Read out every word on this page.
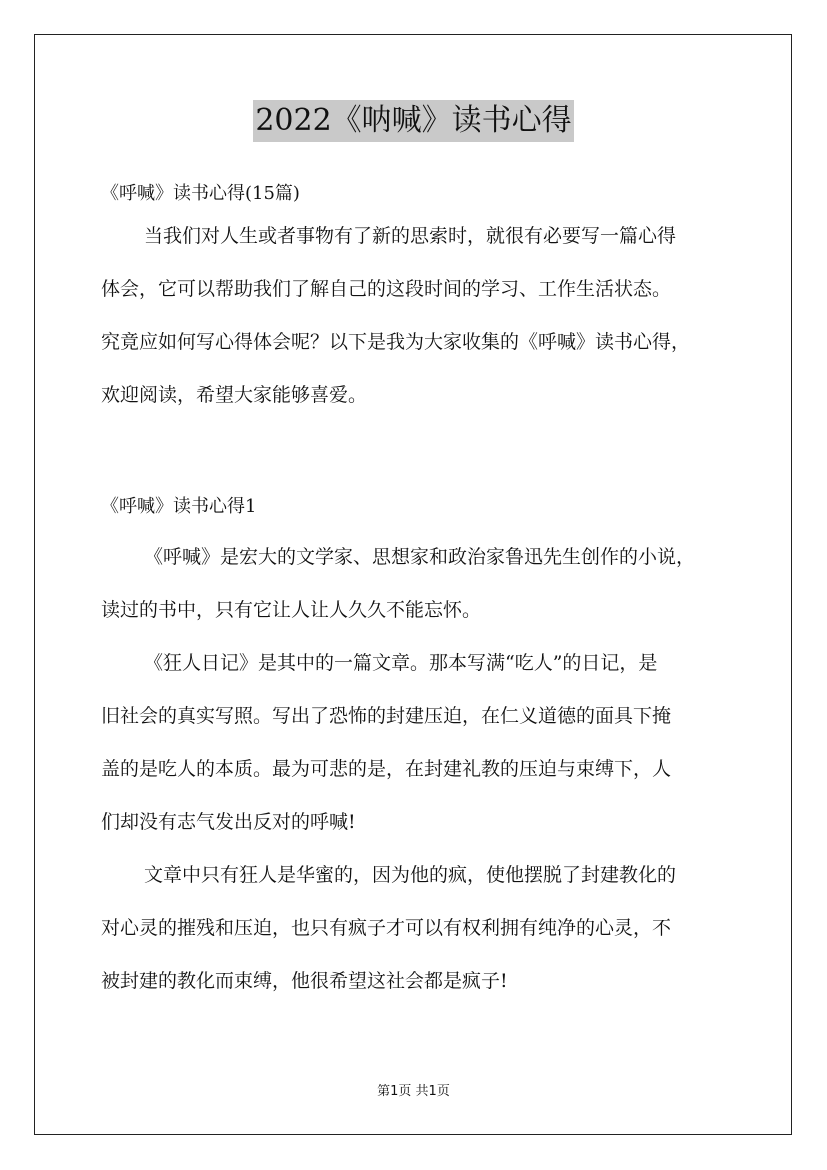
2022《呐喊》读书心得
《呼喊》读书心得(15篇)
当我们对人生或者事物有了新的思索时，就很有必要写一篇心得
体会，它可以帮助我们了解自己的这段时间的学习、工作生活状态。
究竟应如何写心得体会呢？以下是我为大家收集的《呼喊》读书心得，
欢迎阅读，希望大家能够喜爱。
《呼喊》读书心得1
《呼喊》是宏大的文学家、思想家和政治家鲁迅先生创作的小说，
读过的书中，只有它让人让人久久不能忘怀。
《狂人日记》是其中的一篇文章。那本写满“吃人”的日记，是
旧社会的真实写照。写出了恐怖的封建压迫，在仁义道德的面具下掩
盖的是吃人的本质。最为可悲的是，在封建礼教的压迫与束缚下，人
们却没有志气发出反对的呼喊!
文章中只有狂人是华蜜的，因为他的疯，使他摆脱了封建教化的
对心灵的摧残和压迫，也只有疯子才可以有权利拥有纯净的心灵，不
被封建的教化而束缚，他很希望这社会都是疯子!
第1页 共1页
